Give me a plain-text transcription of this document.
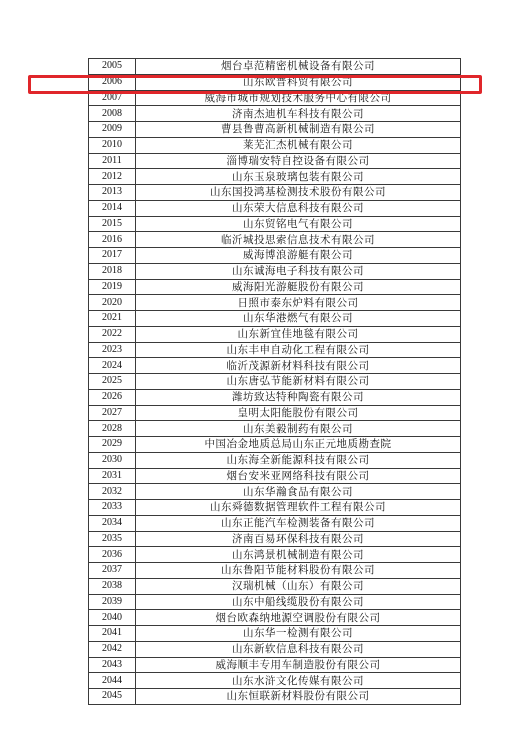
2005	烟台卓范精密机械设备有限公司
2006	山东欧普科贸有限公司
2007	威海市城市规划技术服务中心有限公司
2008	济南杰迪机车科技有限公司
2009	曹县鲁曹高新机械制造有限公司
2010	莱芜汇杰机械有限公司
2011	淄博瑞安特自控设备有限公司
2012	山东玉泉玻璃包装有限公司
2013	山东国投鸿基检测技术股份有限公司
2014	山东荣大信息科技有限公司
2015	山东贸铭电气有限公司
2016	临沂城投思索信息技术有限公司
2017	威海博浪游艇有限公司
2018	山东诚海电子科技有限公司
2019	威海阳光游艇股份有限公司
2020	日照市泰东炉料有限公司
2021	山东华港燃气有限公司
2022	山东新宜佳地毯有限公司
2023	山东丰申自动化工程有限公司
2024	临沂茂源新材料科技有限公司
2025	山东唐弘节能新材料有限公司
2026	潍坊致达特种陶瓷有限公司
2027	皇明太阳能股份有限公司
2028	山东美毅制药有限公司
2029	中国冶金地质总局山东正元地质勘查院
2030	山东海全新能源科技有限公司
2031	烟台安米亚网络科技有限公司
2032	山东华瀚食品有限公司
2033	山东舜德数据管理软件工程有限公司
2034	山东正能汽车检测装备有限公司
2035	济南百易环保科技有限公司
2036	山东鸿景机械制造有限公司
2037	山东鲁阳节能材料股份有限公司
2038	汉瑞机械（山东）有限公司
2039	山东中船线缆股份有限公司
2040	烟台欧森纳地源空调股份有限公司
2041	山东华一检测有限公司
2042	山东新软信息科技有限公司
2043	威海顺丰专用车制造股份有限公司
2044	山东水浒文化传媒有限公司
2045	山东恒联新材料股份有限公司
